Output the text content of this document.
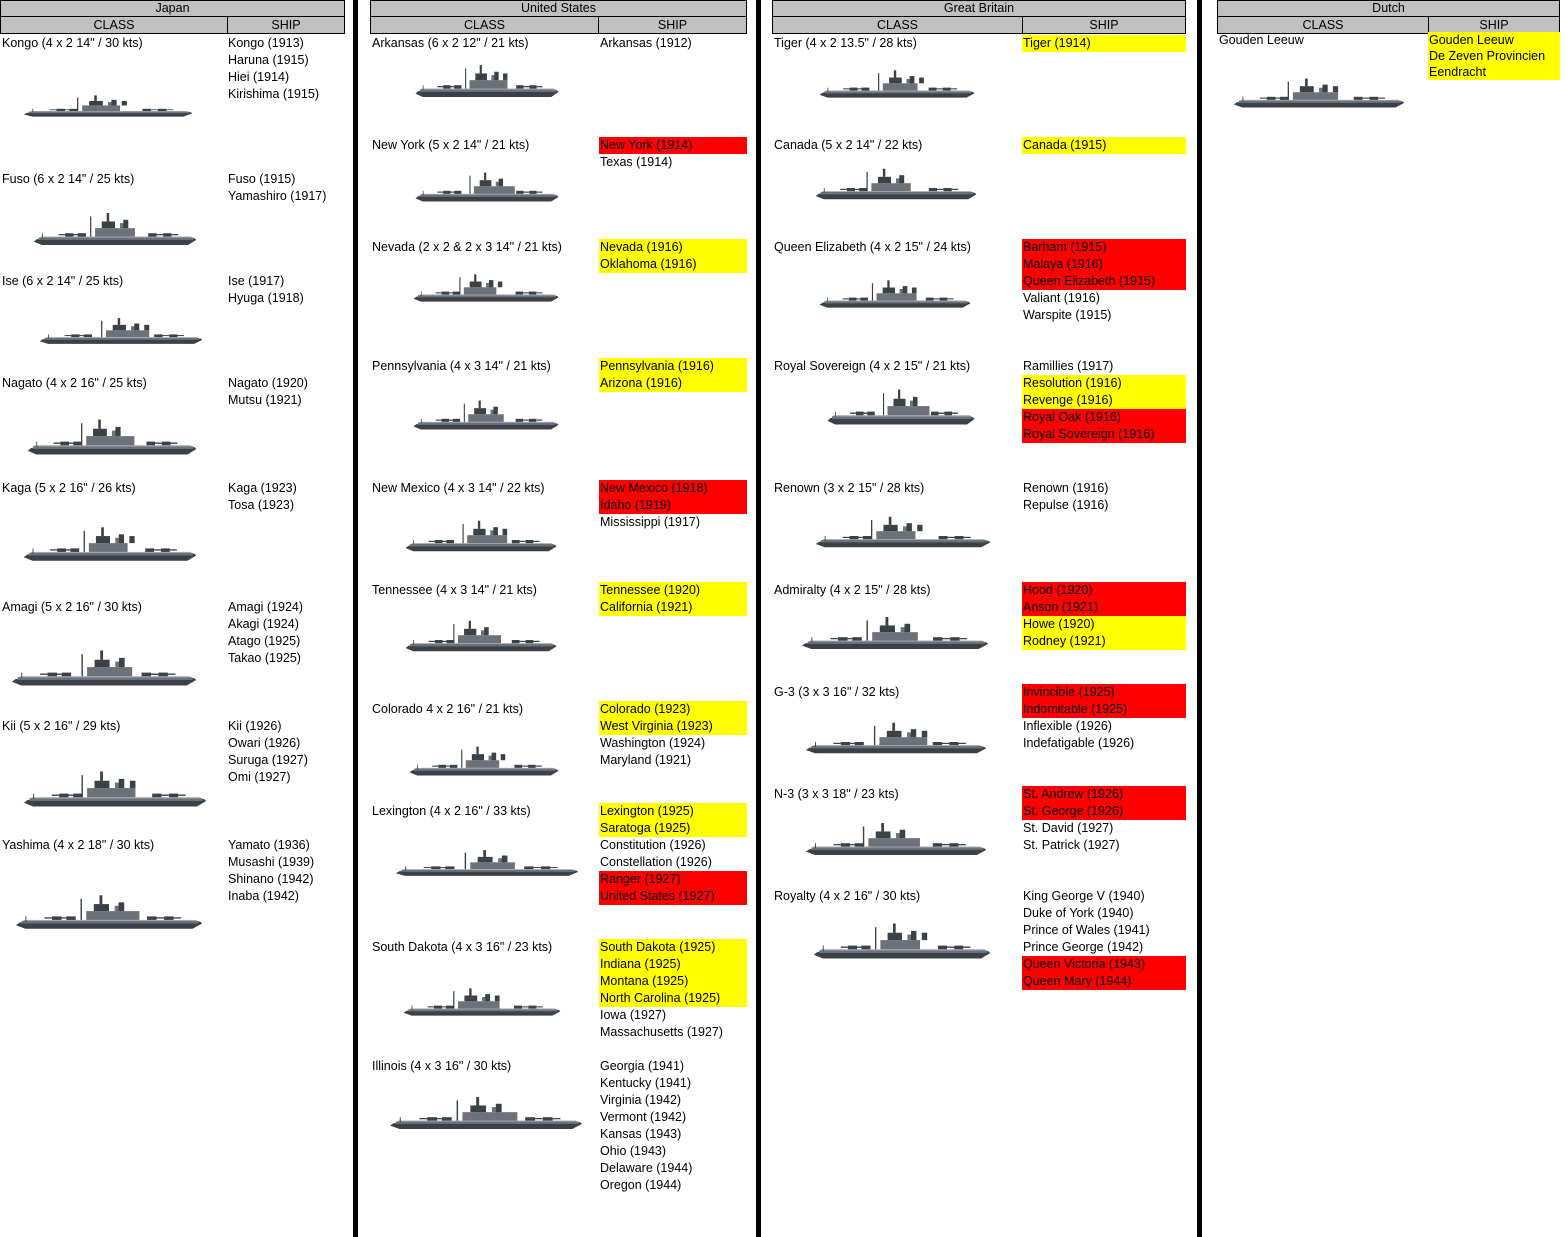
Japan
CLASS	SHIP
United States
CLASS	SHIP
Great Britain
CLASS	SHIP
Dutch
CLASS	SHIP
Kongo (4 x 2 14" / 30 kts)	Kongo (1913)
Haruna (1915)
Hiei (1914)
Kirishima (1915)
Fuso (6 x 2 14" / 25 kts)	Fuso (1915)
Yamashiro (1917)
Ise (6 x 2 14" / 25 kts)	Ise (1917)
Hyuga (1918)
Nagato (4 x 2 16" / 25 kts)	Nagato (1920)
Mutsu (1921)
Kaga (5 x 2 16" / 26 kts)	Kaga (1923)
Tosa (1923)
Amagi (5 x 2 16" / 30 kts)	Amagi (1924)
Akagi (1924)
Atago (1925)
Takao (1925)
Kii (5 x 2 16" / 29 kts)	Kii (1926)
Owari (1926)
Suruga (1927)
Omi (1927)
Yashima (4 x 2 18" / 30 kts)	Yamato (1936)
Musashi (1939)
Shinano (1942)
Inaba (1942)
Arkansas (6 x 2 12" / 21 kts)	Arkansas (1912)
New York (5 x 2 14" / 21 kts)	New York (1914)
Texas (1914)
Nevada (2 x 2 & 2 x 3 14" / 21 kts)	Nevada (1916)
Oklahoma (1916)
Pennsylvania (4 x 3 14" / 21 kts)	Pennsylvania (1916)
Arizona (1916)
New Mexico (4 x 3 14" / 22 kts)	New Mexico (1918)
Idaho (1919)
Mississippi (1917)
Tennessee (4 x 3 14" / 21 kts)	Tennessee (1920)
California (1921)
Colorado 4 x 2 16" / 21 kts)	Colorado (1923)
West Virginia (1923)
Washington (1924)
Maryland (1921)
Lexington (4 x 2 16" / 33 kts)	Lexington (1925)
Saratoga (1925)
Constitution (1926)
Constellation (1926)
Ranger (1927)
United States (1927)
South Dakota (4 x 3 16" / 23 kts)	South Dakota (1925)
Indiana (1925)
Montana (1925)
North Carolina (1925)
Iowa (1927)
Massachusetts (1927)
Illinois (4 x 3 16" / 30 kts)	Georgia (1941)
Kentucky (1941)
Virginia (1942)
Vermont (1942)
Kansas (1943)
Ohio (1943)
Delaware (1944)
Oregon (1944)
Tiger (4 x 2 13.5" / 28 kts)	Tiger (1914)
Canada (5 x 2 14" / 22 kts)	Canada (1915)
Queen Elizabeth (4 x 2 15" / 24 kts)	Barham (1915)
Malaya (1916)
Queen Elizabeth (1915)
Valiant (1916)
Warspite (1915)
Royal Sovereign (4 x 2 15" / 21 kts)	Ramillies (1917)
Resolution (1916)
Revenge (1916)
Royal Oak (1916)
Royal Sovereign (1916)
Renown (3 x 2 15" / 28 kts)	Renown (1916)
Repulse (1916)
Admiralty (4 x 2 15" / 28 kts)	Hood (1920)
Anson (1921)
Howe (1920)
Rodney (1921)
G-3 (3 x 3 16" / 32 kts)	Invincible (1925)
Indomitable (1925)
Inflexible (1926)
Indefatigable (1926)
N-3 (3 x 3 18" / 23 kts)	St. Andrew (1926)
St. George (1926)
St. David (1927)
St. Patrick (1927)
Royalty (4 x 2 16" / 30 kts)	King George V (1940)
Duke of York (1940)
Prince of Wales (1941)
Prince George (1942)
Queen Victoria (1943)
Queen Mary (1944)
Gouden Leeuw	Gouden Leeuw
De Zeven Provincien
Eendracht
